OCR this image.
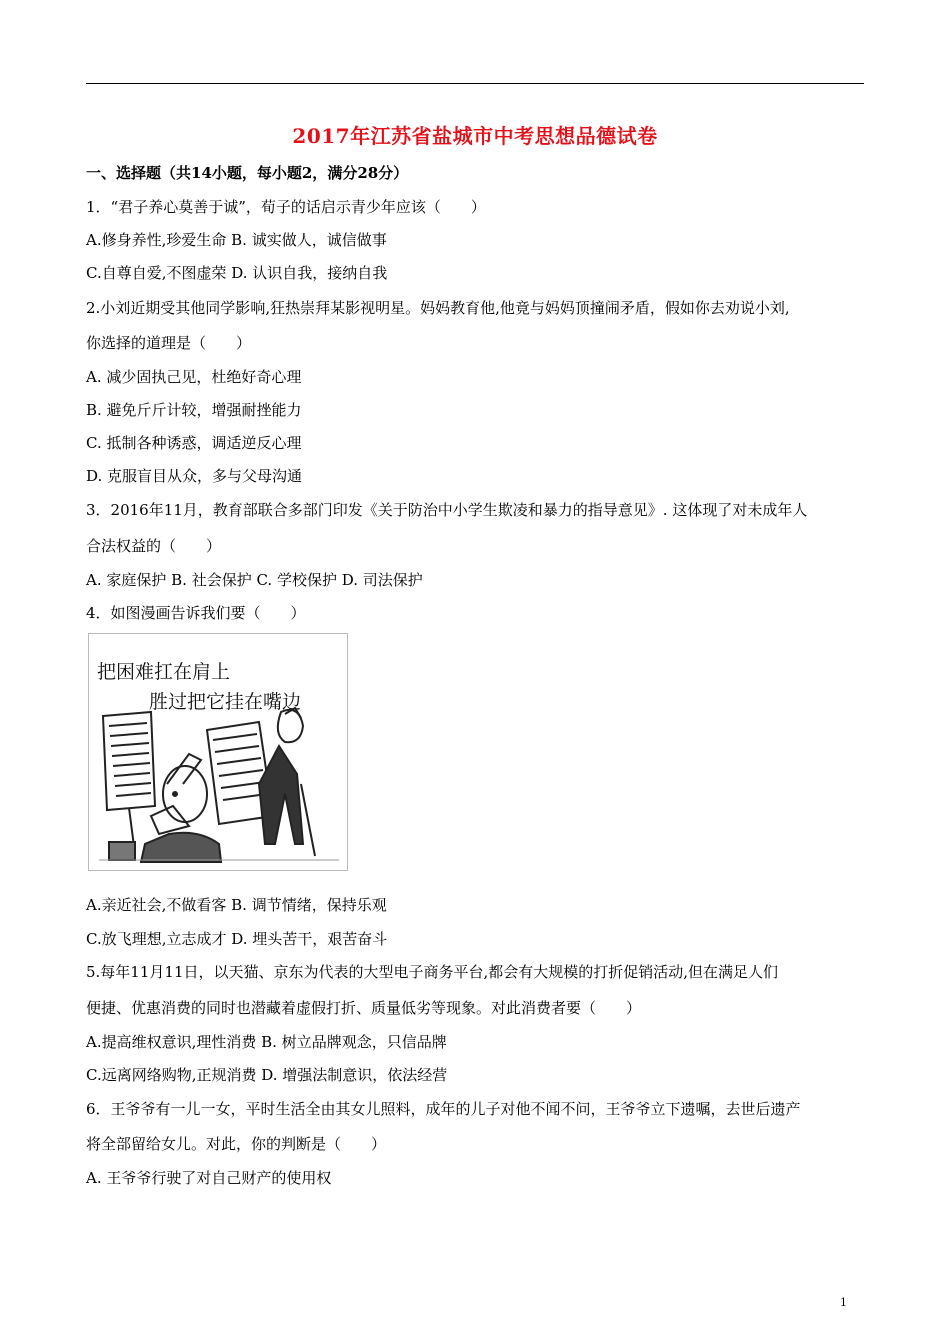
2017年江苏省盐城市中考思想品德试卷
一、选择题（共14小题，每小题2，满分28分）
1．“君子养心莫善于诚”，荀子的话启示青少年应该（　　）
A.修身养性,珍爱生命 B. 诚实做人，诚信做事
C.自尊自爱,不图虚荣 D. 认识自我，接纳自我
2.小刘近期受其他同学影响,狂热崇拜某影视明星。妈妈教育他,他竟与妈妈顶撞闹矛盾，假如你去劝说小刘,
你选择的道理是（　　）
A. 减少固执己见，杜绝好奇心理
B. 避免斤斤计较，增强耐挫能力
C. 抵制各种诱惑，调适逆反心理
D. 克服盲目从众，多与父母沟通
3．2016年11月，教育部联合多部门印发《关于防治中小学生欺凌和暴力的指导意见》. 这体现了对未成年人
合法权益的（　　）
A. 家庭保护 B. 社会保护 C. 学校保护 D. 司法保护
4．如图漫画告诉我们要（　　）
把困难扛在肩上
胜过把它挂在嘴边
A.亲近社会,不做看客 B. 调节情绪，保持乐观
C.放飞理想,立志成才 D. 埋头苦干，艰苦奋斗
5.每年11月11日，以天猫、京东为代表的大型电子商务平台,都会有大规模的打折促销活动,但在满足人们
便捷、优惠消费的同时也潜藏着虚假打折、质量低劣等现象。对此消费者要（　　）
A.提高维权意识,理性消费 B. 树立品牌观念，只信品牌
C.远离网络购物,正规消费 D. 增强法制意识，依法经营
6．王爷爷有一儿一女，平时生活全由其女儿照料，成年的儿子对他不闻不问，王爷爷立下遗嘱，去世后遗产
将全部留给女儿。对此，你的判断是（　　）
A. 王爷爷行驶了对自己财产的使用权
1
